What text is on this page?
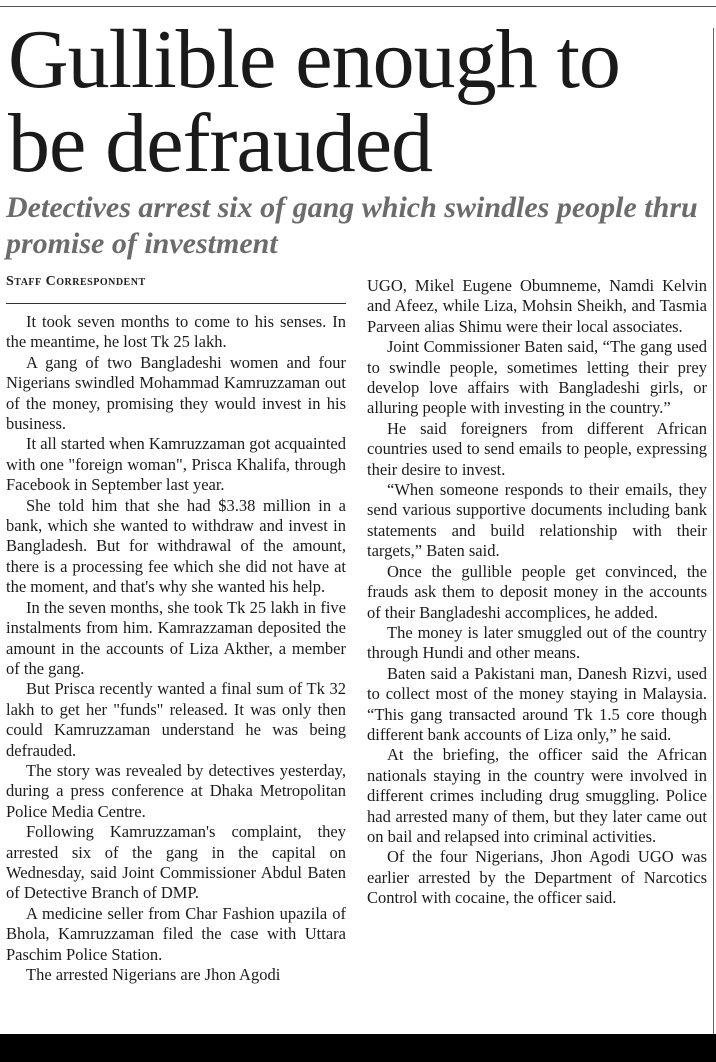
Gullible enough to be defrauded
Detectives arrest six of gang which swindles people thru promise of investment
Staff Correspondent

It took seven months to come to his senses. In the meantime, he lost Tk 25 lakh.

A gang of two Bangladeshi women and four Nigerians swindled Mohammad Kamruzzaman out of the money, promising they would invest in his business.

It all started when Kamruzzaman got acquainted with one "foreign woman", Prisca Khalifa, through Facebook in September last year.

She told him that she had $3.38 million in a bank, which she wanted to withdraw and invest in Bangladesh. But for withdrawal of the amount, there is a processing fee which she did not have at the moment, and that's why she wanted his help.

In the seven months, she took Tk 25 lakh in five instalments from him. Kamrazzaman deposited the amount in the accounts of Liza Akther, a member of the gang.

But Prisca recently wanted a final sum of Tk 32 lakh to get her "funds" released. It was only then could Kamruzzaman understand he was being defrauded.

The story was revealed by detectives yesterday, during a press conference at Dhaka Metropolitan Police Media Centre.

Following Kamruzzaman's complaint, they arrested six of the gang in the capital on Wednesday, said Joint Commissioner Abdul Baten of Detective Branch of DMP.

A medicine seller from Char Fashion upazila of Bhola, Kamruzzaman filed the case with Uttara Paschim Police Station.

The arrested Nigerians are Jhon Agodi

UGO, Mikel Eugene Obumneme, Namdi Kelvin and Afeez, while Liza, Mohsin Sheikh, and Tasmia Parveen alias Shimu were their local associates.

Joint Commissioner Baten said, “The gang used to swindle people, sometimes letting their prey develop love affairs with Bangladeshi girls, or alluring people with investing in the country.”

He said foreigners from different African countries used to send emails to people, expressing their desire to invest.

“When someone responds to their emails, they send various supportive documents including bank statements and build relationship with their targets,” Baten said.

Once the gullible people get convinced, the frauds ask them to deposit money in the accounts of their Bangladeshi accomplices, he added.

The money is later smuggled out of the country through Hundi and other means.

Baten said a Pakistani man, Danesh Rizvi, used to collect most of the money staying in Malaysia. “This gang transacted around Tk 1.5 core though different bank accounts of Liza only,” he said.

At the briefing, the officer said the African nationals staying in the country were involved in different crimes including drug smuggling. Police had arrested many of them, but they later came out on bail and relapsed into criminal activities.

Of the four Nigerians, Jhon Agodi UGO was earlier arrested by the Department of Narcotics Control with cocaine, the officer said.
